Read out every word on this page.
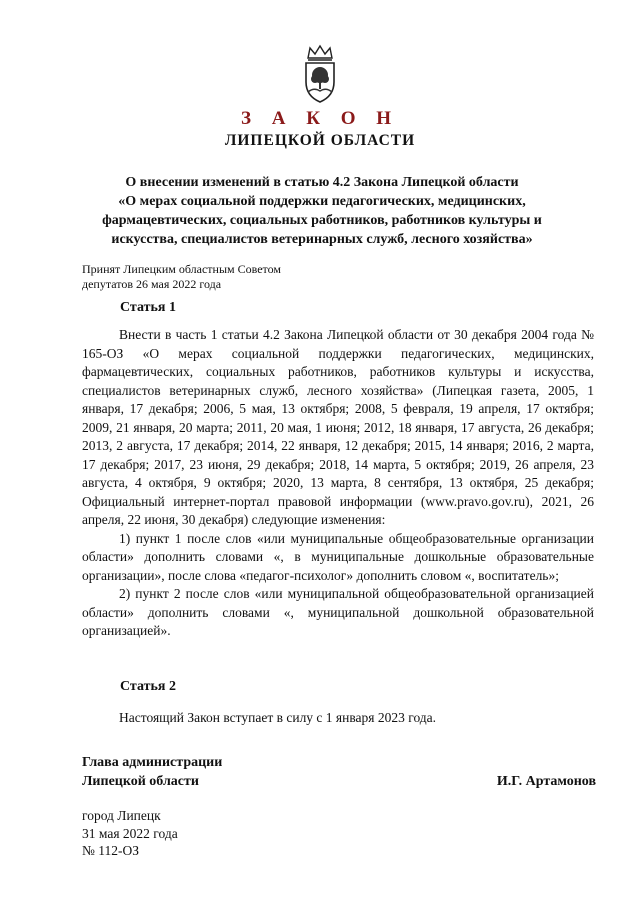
З А К О Н
ЛИПЕЦКОЙ ОБЛАСТИ
О внесении изменений в статью 4.2 Закона Липецкой области
«О мерах социальной поддержки педагогических, медицинских,
фармацевтических, социальных работников, работников культуры и
искусства, специалистов ветеринарных служб, лесного хозяйства»
Принят Липецким областным Советом
депутатов 26 мая 2022 года
Статья 1

Внести в часть 1 статьи 4.2 Закона Липецкой области от 30 декабря 2004 года № 165-ОЗ «О мерах социальной поддержки педагогических, медицинских, фармацевтических, социальных работников, работников культуры и искусства, специалистов ветеринарных служб, лесного хозяйства» (Липецкая газета, 2005, 1 января, 17 декабря; 2006, 5 мая, 13 октября; 2008, 5 февраля, 19 апреля, 17 октября; 2009, 21 января, 20 марта; 2011, 20 мая, 1 июня; 2012, 18 января, 17 августа, 26 декабря; 2013, 2 августа, 17 декабря; 2014, 22 января, 12 декабря; 2015, 14 января; 2016, 2 марта, 17 декабря; 2017, 23 июня, 29 декабря; 2018, 14 марта, 5 октября; 2019, 26 апреля, 23 августа, 4 октября, 9 октября; 2020, 13 марта, 8 сентября, 13 октября, 25 декабря; Официальный интернет-портал правовой информации (www.pravo.gov.ru), 2021, 26 апреля, 22 июня, 30 декабря) следующие изменения:

1) пункт 1 после слов «или муниципальные общеобразовательные организации области» дополнить словами «, в муниципальные дошкольные образовательные организации», после слова «педагог-психолог» дополнить словом «, воспитатель»;

2) пункт 2 после слов «или муниципальной общеобразовательной организацией области» дополнить словами «, муниципальной дошкольной образовательной организацией».

Статья 2

Настоящий Закон вступает в силу с 1 января 2023 года.

Глава администрации
Липецкой области	И.Г. Артамонов
город Липецк
31 мая 2022 года
№ 112-ОЗ
